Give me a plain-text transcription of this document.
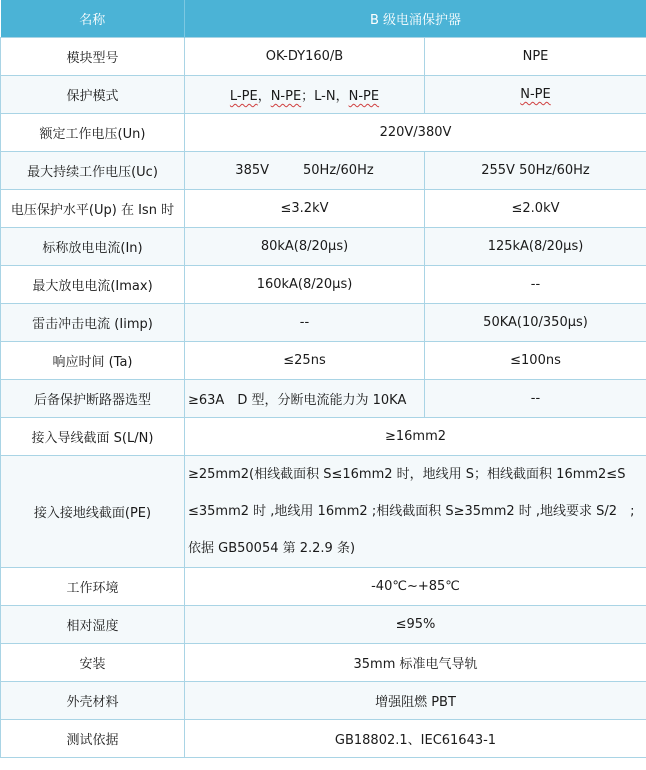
名称	B 级电涌保护器	
模块型号	OK-DY160/B	NPE
保护模式	L-PE，N-PE；L-N，N-PE	N-PE
额定工作电压(Un)	220V/380V	
最大持续工作电压(Uc)	385V 50Hz/60Hz	255V 50Hz/60Hz
电压保护水平(Up) 在 Isn 时	≤3.2kV	≤2.0kV
标称放电电流(In)	80kA(8/20μs)	125kA(8/20μs)
最大放电电流(Imax)	160kA(8/20μs)	--
雷击冲击电流 (Iimp)	--	50KA(10/350μs)
响应时间 (Ta)	≤25ns	≤100ns
后备保护断路器选型	≥63A　D 型，分断电流能力为 10KA	--
接入导线截面 S(L/N)	≥16mm2	
接入接地线截面(PE)	≥25mm2(相线截面积 S≤16mm2 时，地线用 S；相线截面积 16mm2≤S
≤35mm2 时 ,地线用 16mm2 ;相线截面积 S≥35mm2 时 ,地线要求 S/2　;
依据 GB50054 第 2.2.9 条)	

工作环境	-40℃~+85℃	
相对湿度	≤95%	
安装	35mm 标准电气导轨	
外壳材料	增强阻燃 PBT	
测试依据	GB18802.1、IEC61643-1	
